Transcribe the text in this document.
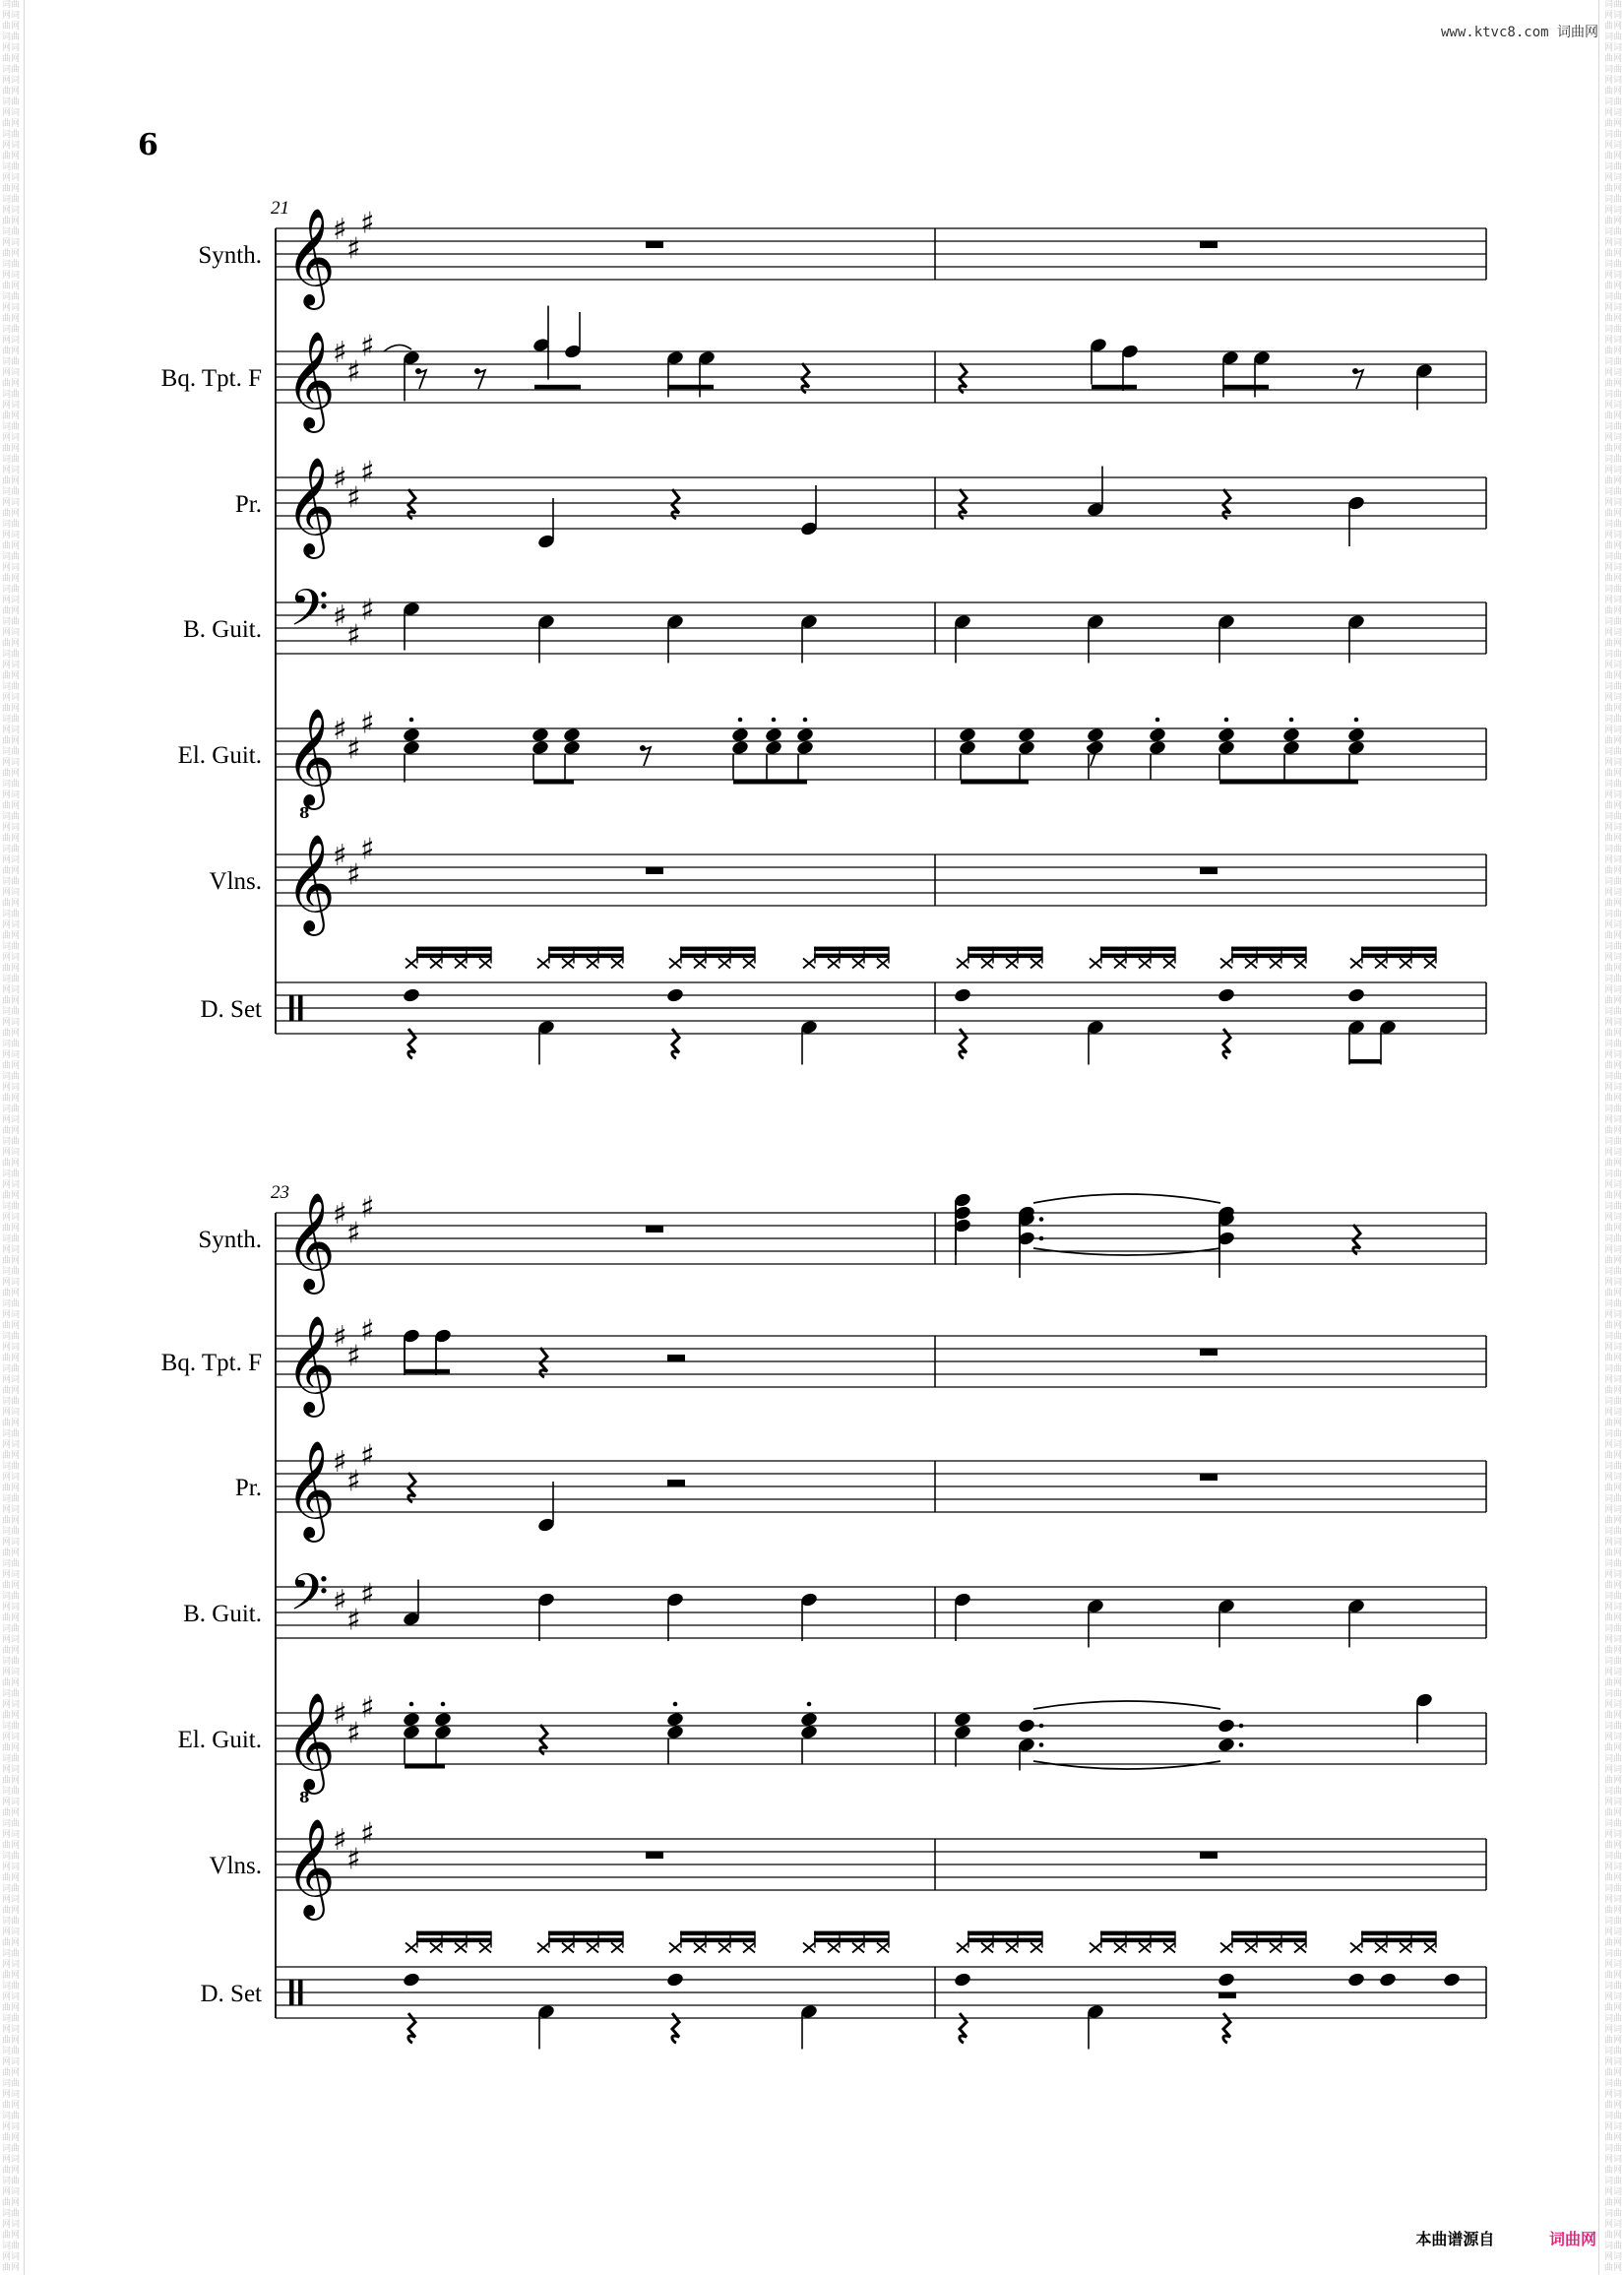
词曲网词曲网词曲网词曲网词曲网词曲网词曲网词曲网词曲网词曲网词曲网词曲网词曲网词曲网词曲网词曲网词曲网词曲网词曲网词曲网词曲网词曲网词曲网词曲网词曲网词曲网词曲网词曲网词曲网词曲网词曲网词曲网词曲网词曲网词曲网词曲网词曲网词曲网词曲网词曲网词曲网词曲网词曲网词曲网词曲网词曲网词曲网词曲网词曲网词曲网词曲网词曲网词曲网词曲网词曲网词曲网词曲网词曲网词曲网词曲网词曲网词曲网词曲网词曲网词曲网词曲网词曲网词曲网词曲网词曲网词曲网词曲网词曲网词曲网词曲网词曲网词曲网词曲网词曲网词曲网词曲网词曲网词曲网词曲网词曲网词曲网词曲网词曲网词曲网词曲网词曲网词曲网词曲网词曲网词曲网词曲网词曲网词曲网词曲网词曲网词曲网词曲网词曲网词曲网词曲网词曲网词曲网词曲网词曲网词曲网词曲网词曲网词曲网词曲网词曲网词曲网词曲网词曲网词曲网词曲网词曲网词曲网词曲网词曲网词曲网词曲网词曲网词曲网词曲网词曲网词曲网词曲网词曲网词曲网词曲网词曲网词曲网词曲网词曲网词曲网
词曲网词曲网词曲网词曲网词曲网词曲网词曲网词曲网词曲网词曲网词曲网词曲网词曲网词曲网词曲网词曲网词曲网词曲网词曲网词曲网词曲网词曲网词曲网词曲网词曲网词曲网词曲网词曲网词曲网词曲网词曲网词曲网词曲网词曲网词曲网词曲网词曲网词曲网词曲网词曲网词曲网词曲网词曲网词曲网词曲网词曲网词曲网词曲网词曲网词曲网词曲网词曲网词曲网词曲网词曲网词曲网词曲网词曲网词曲网词曲网词曲网词曲网词曲网词曲网词曲网词曲网词曲网词曲网词曲网词曲网词曲网词曲网词曲网词曲网词曲网词曲网词曲网词曲网词曲网词曲网词曲网词曲网词曲网词曲网词曲网词曲网词曲网词曲网词曲网词曲网词曲网词曲网词曲网词曲网词曲网词曲网词曲网词曲网词曲网词曲网词曲网词曲网词曲网词曲网词曲网词曲网词曲网词曲网词曲网词曲网词曲网词曲网词曲网词曲网词曲网词曲网词曲网词曲网词曲网词曲网词曲网词曲网词曲网词曲网词曲网词曲网词曲网词曲网词曲网词曲网词曲网词曲网词曲网词曲网词曲网词曲网词曲网词曲网词曲网词曲网
www.ktvc8.com 词曲网
6
21
Synth. 𝄞
♯
♯
♯
Bq. Tpt. F 𝄞
♯
♯
♯
Pr. 𝄞
♯
♯
♯
B. Guit. 𝄢 ♯
♯
♯
El. Guit. 𝄞
8
♯
♯
♯
Vlns. 𝄞
♯
♯
♯
D. Set
23
Synth. 𝄞
♯
♯
♯
Bq. Tpt. F 𝄞
♯
♯
♯
Pr. 𝄞
♯
♯
♯
B. Guit. 𝄢 ♯
♯
♯
El. Guit. 𝄞
8
♯
♯
♯
Vlns. 𝄞
♯
♯
♯
D. Set
本曲谱源自	词曲网
